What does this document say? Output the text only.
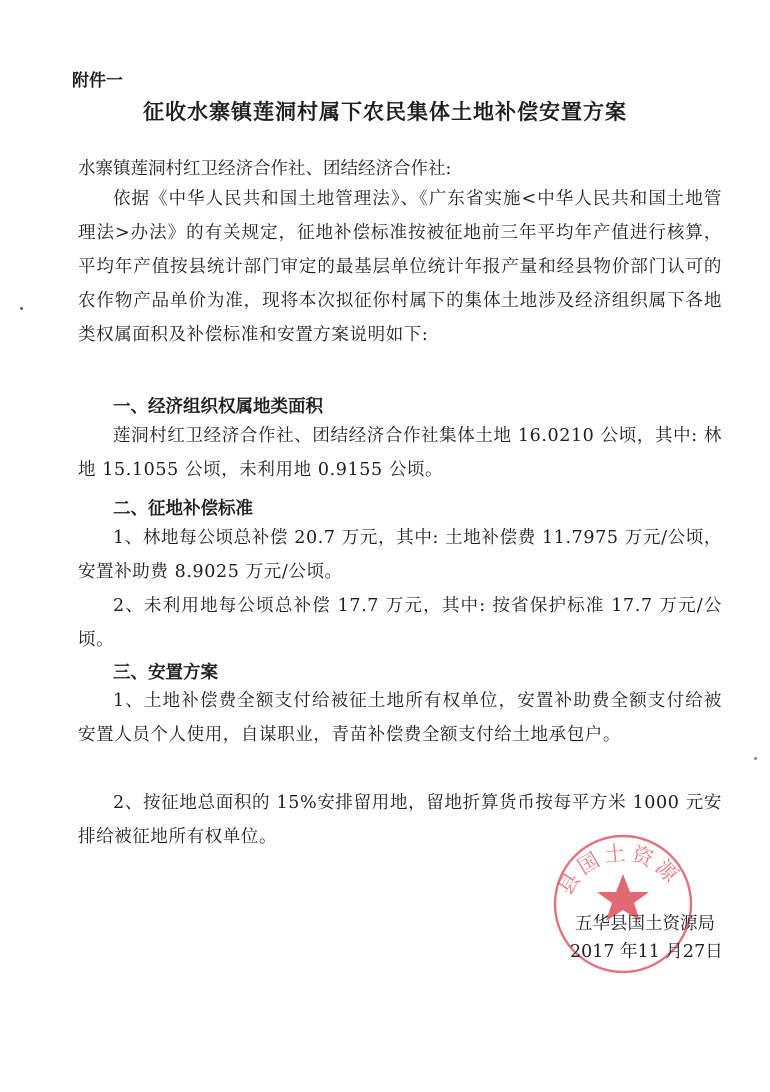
附件一
征收水寨镇莲洞村属下农民集体土地补偿安置方案
水寨镇莲洞村红卫经济合作社、团结经济合作社:
依据《中华人民共和国土地管理法》、《广东省实施<中华人民共和国土地管理法>办法》的有关规定，征地补偿标准按被征地前三年平均年产值进行核算，平均年产值按县统计部门审定的最基层单位统计年报产量和经县物价部门认可的农作物产品单价为准，现将本次拟征你村属下的集体土地涉及经济组织属下各地类权属面积及补偿标准和安置方案说明如下:
一、经济组织权属地类面积
莲洞村红卫经济合作社、团结经济合作社集体土地 16.0210 公顷，其中: 林地 15.1055 公顷，未利用地 0.9155 公顷。
二、征地补偿标准
1、林地每公顷总补偿 20.7 万元，其中: 土地补偿费 11.7975 万元/公顷，安置补助费 8.9025 万元/公顷。
2、未利用地每公顷总补偿 17.7 万元，其中: 按省保护标准 17.7 万元/公顷。
三、安置方案
1、土地补偿费全额支付给被征土地所有权单位，安置补助费全额支付给被安置人员个人使用，自谋职业，青苗补偿费全额支付给土地承包户。
2、按征地总面积的 15%安排留用地，留地折算货币按每平方米 1000 元安排给被征地所有权单位。
县国土资源
五华县国土资源局
2017 年11 月27日
